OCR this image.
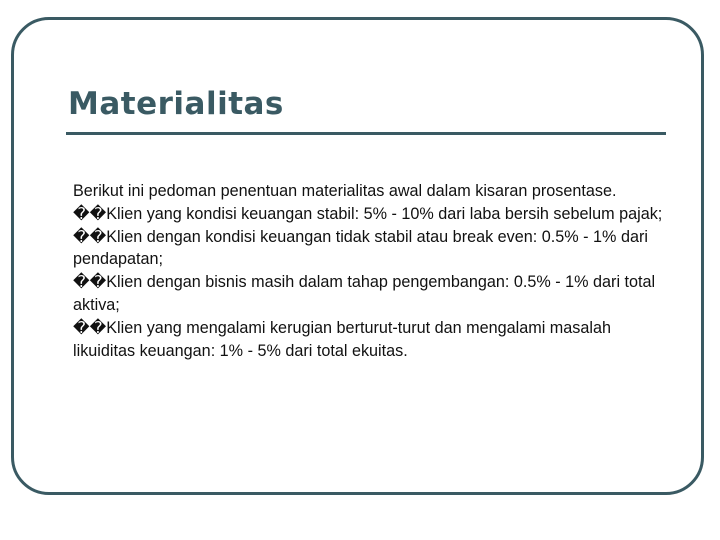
Materialitas

Berikut ini pedoman penentuan materialitas awal dalam kisaran prosentase.

��Klien yang kondisi keuangan stabil: 5% - 10% dari laba bersih sebelum pajak;

��Klien dengan kondisi keuangan tidak stabil atau break even: 0.5% - 1% dari pendapatan;

��Klien dengan bisnis masih dalam tahap pengembangan: 0.5% - 1% dari total aktiva;

��Klien yang mengalami kerugian berturut-turut dan mengalami masalah likuiditas keuangan: 1% - 5% dari total ekuitas.
